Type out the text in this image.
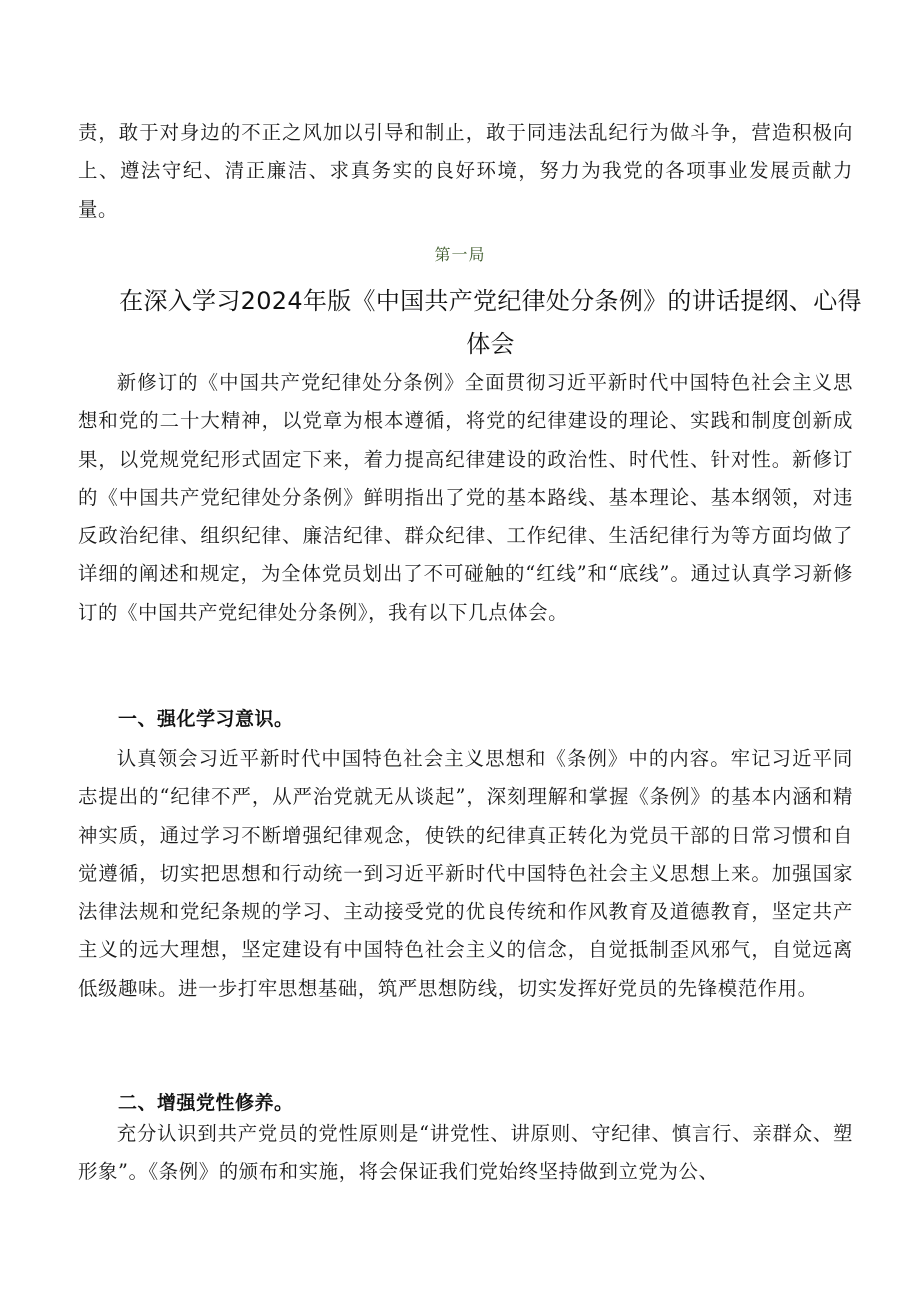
责，敢于对身边的不正之风加以引导和制止，敢于同违法乱纪行为做斗争，营造积极向上、遵法守纪、清正廉洁、求真务实的良好环境，努力为我党的各项事业发展贡献力量。

第一局
在深入学习2024年版《中国共产党纪律处分条例》的讲话提纲、心得体会

新修订的《中国共产党纪律处分条例》全面贯彻习近平新时代中国特色社会主义思想和党的二十大精神，以党章为根本遵循，将党的纪律建设的理论、实践和制度创新成果，以党规党纪形式固定下来，着力提高纪律建设的政治性、时代性、针对性。新修订的《中国共产党纪律处分条例》鲜明指出了党的基本路线、基本理论、基本纲领，对违反政治纪律、组织纪律、廉洁纪律、群众纪律、工作纪律、生活纪律行为等方面均做了详细的阐述和规定，为全体党员划出了不可碰触的“红线”和“底线”。通过认真学习新修订的《中国共产党纪律处分条例》，我有以下几点体会。

一、强化学习意识。

认真领会习近平新时代中国特色社会主义思想和《条例》中的内容。牢记习近平同志提出的“纪律不严，从严治党就无从谈起”，深刻理解和掌握《条例》的基本内涵和精神实质，通过学习不断增强纪律观念，使铁的纪律真正转化为党员干部的日常习惯和自觉遵循，切实把思想和行动统一到习近平新时代中国特色社会主义思想上来。加强国家法律法规和党纪条规的学习、主动接受党的优良传统和作风教育及道德教育，坚定共产主义的远大理想，坚定建设有中国特色社会主义的信念，自觉抵制歪风邪气，自觉远离低级趣味。进一步打牢思想基础，筑严思想防线，切实发挥好党员的先锋模范作用。

二、增强党性修养。

充分认识到共产党员的党性原则是“讲党性、讲原则、守纪律、慎言行、亲群众、塑形象”。《条例》的颁布和实施，将会保证我们党始终坚持做到立党为公、
